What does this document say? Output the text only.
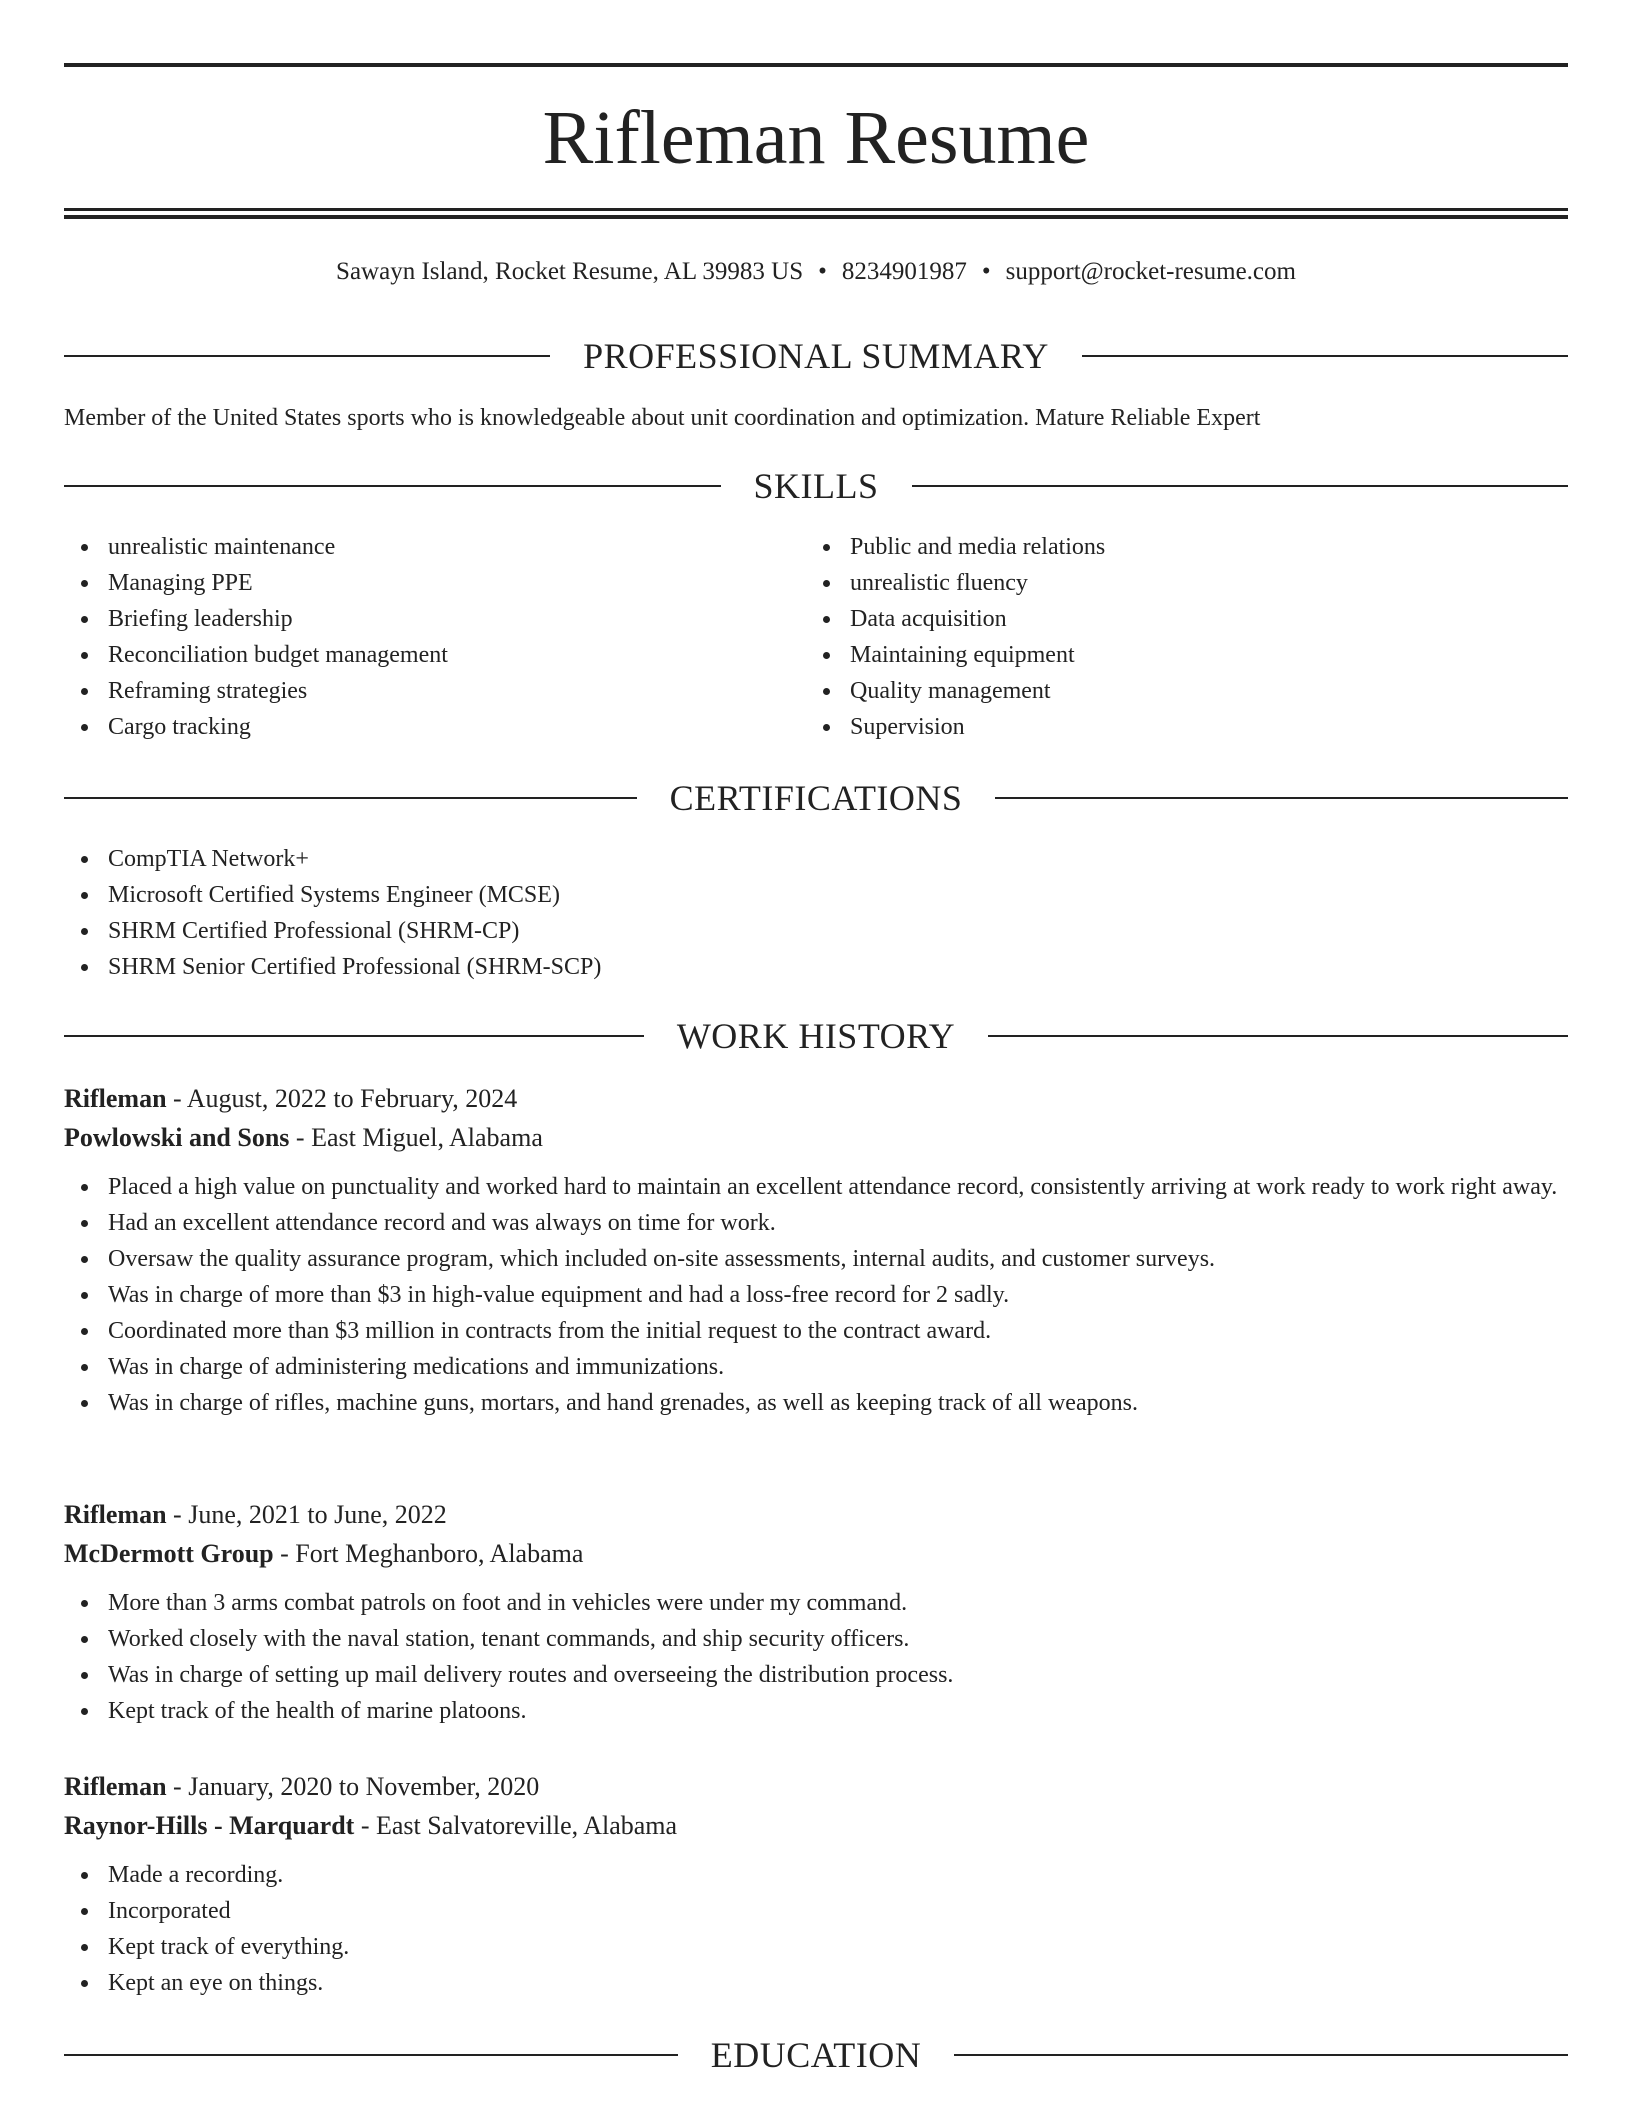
Rifleman Resume
Sawayn Island, Rocket Resume, AL 39983 US • 8234901987 • support@rocket-resume.com
PROFESSIONAL SUMMARY
Member of the United States sports who is knowledgeable about unit coordination and optimization. Mature Reliable Expert
SKILLS
unrealistic maintenance
Managing PPE
Briefing leadership
Reconciliation budget management
Reframing strategies
Cargo tracking
Public and media relations
unrealistic fluency
Data acquisition
Maintaining equipment
Quality management
Supervision
CERTIFICATIONS
CompTIA Network+
Microsoft Certified Systems Engineer (MCSE)
SHRM Certified Professional (SHRM-CP)
SHRM Senior Certified Professional (SHRM-SCP)
WORK HISTORY
Rifleman - August, 2022 to February, 2024
Powlowski and Sons - East Miguel, Alabama
Placed a high value on punctuality and worked hard to maintain an excellent attendance record, consistently arriving at work ready to work right away.
Had an excellent attendance record and was always on time for work.
Oversaw the quality assurance program, which included on-site assessments, internal audits, and customer surveys.
Was in charge of more than $3 in high-value equipment and had a loss-free record for 2 sadly.
Coordinated more than $3 million in contracts from the initial request to the contract award.
Was in charge of administering medications and immunizations.
Was in charge of rifles, machine guns, mortars, and hand grenades, as well as keeping track of all weapons.
Rifleman - June, 2021 to June, 2022
McDermott Group - Fort Meghanboro, Alabama
More than 3 arms combat patrols on foot and in vehicles were under my command.
Worked closely with the naval station, tenant commands, and ship security officers.
Was in charge of setting up mail delivery routes and overseeing the distribution process.
Kept track of the health of marine platoons.
Rifleman - January, 2020 to November, 2020
Raynor-Hills - Marquardt - East Salvatoreville, Alabama
Made a recording.
Incorporated
Kept track of everything.
Kept an eye on things.
EDUCATION
